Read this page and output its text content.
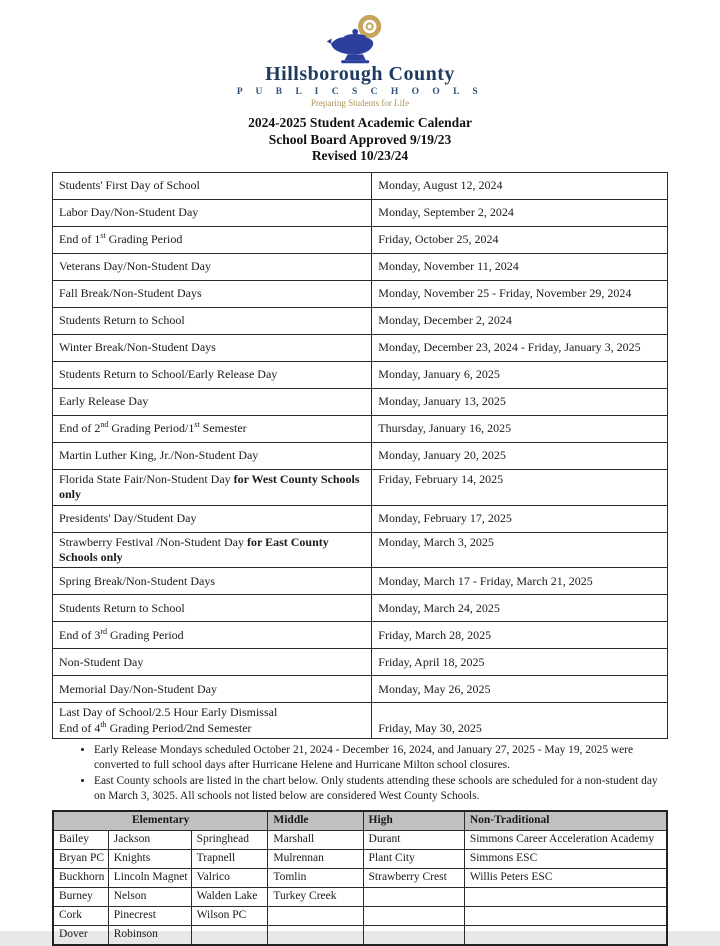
Hillsborough County
P U B L I C S C H O O L S
Preparing Students for Life
2024-2025 Student Academic Calendar
School Board Approved 9/19/23
Revised 10/23/24
Students' First Day of School	Monday, August 12, 2024
Labor Day/Non-Student Day	Monday, September 2, 2024
End of 1st Grading Period	Friday, October 25, 2024
Veterans Day/Non-Student Day	Monday, November 11, 2024
Fall Break/Non-Student Days	Monday, November 25 - Friday, November 29, 2024
Students Return to School	Monday, December 2, 2024
Winter Break/Non-Student Days	Monday, December 23, 2024 - Friday, January 3, 2025
Students Return to School/Early Release Day	Monday, January 6, 2025
Early Release Day	Monday, January 13, 2025
End of 2nd Grading Period/1st Semester	Thursday, January 16, 2025
Martin Luther King, Jr./Non-Student Day	Monday, January 20, 2025
Florida State Fair/Non-Student Day for West County Schools only	Friday, February 14, 2025
Presidents' Day/Student Day	Monday, February 17, 2025
Strawberry Festival /Non-Student Day for East County Schools only	Monday, March 3, 2025
Spring Break/Non-Student Days	Monday, March 17 - Friday, March 21, 2025
Students Return to School	Monday, March 24, 2025
End of 3rd Grading Period	Friday, March 28, 2025
Non-Student Day	Friday, April 18, 2025
Memorial Day/Non-Student Day	Monday, May 26, 2025
Last Day of School/2.5 Hour Early Dismissal
End of 4th Grading Period/2nd Semester	Friday, May 30, 2025
• Early Release Mondays scheduled October 21, 2024 - December 16, 2024, and January 27, 2025 - May 19, 2025 were converted to full school days after Hurricane Helene and Hurricane Milton school closures.
• East County schools are listed in the chart below. Only students attending these schools are scheduled for a non-student day on March 3, 3025. All schools not listed below are considered West County Schools.
Elementary			Middle	High	Non-Traditional
Bailey	Jackson	Springhead	Marshall	Durant	Simmons Career Acceleration Academy
Bryan PC	Knights	Trapnell	Mulrennan	Plant City	Simmons ESC
Buckhorn	Lincoln Magnet	Valrico	Tomlin	Strawberry Crest	Willis Peters ESC
Burney	Nelson	Walden Lake	Turkey Creek		
Cork	Pinecrest	Wilson PC			
Dover	Robinson				
